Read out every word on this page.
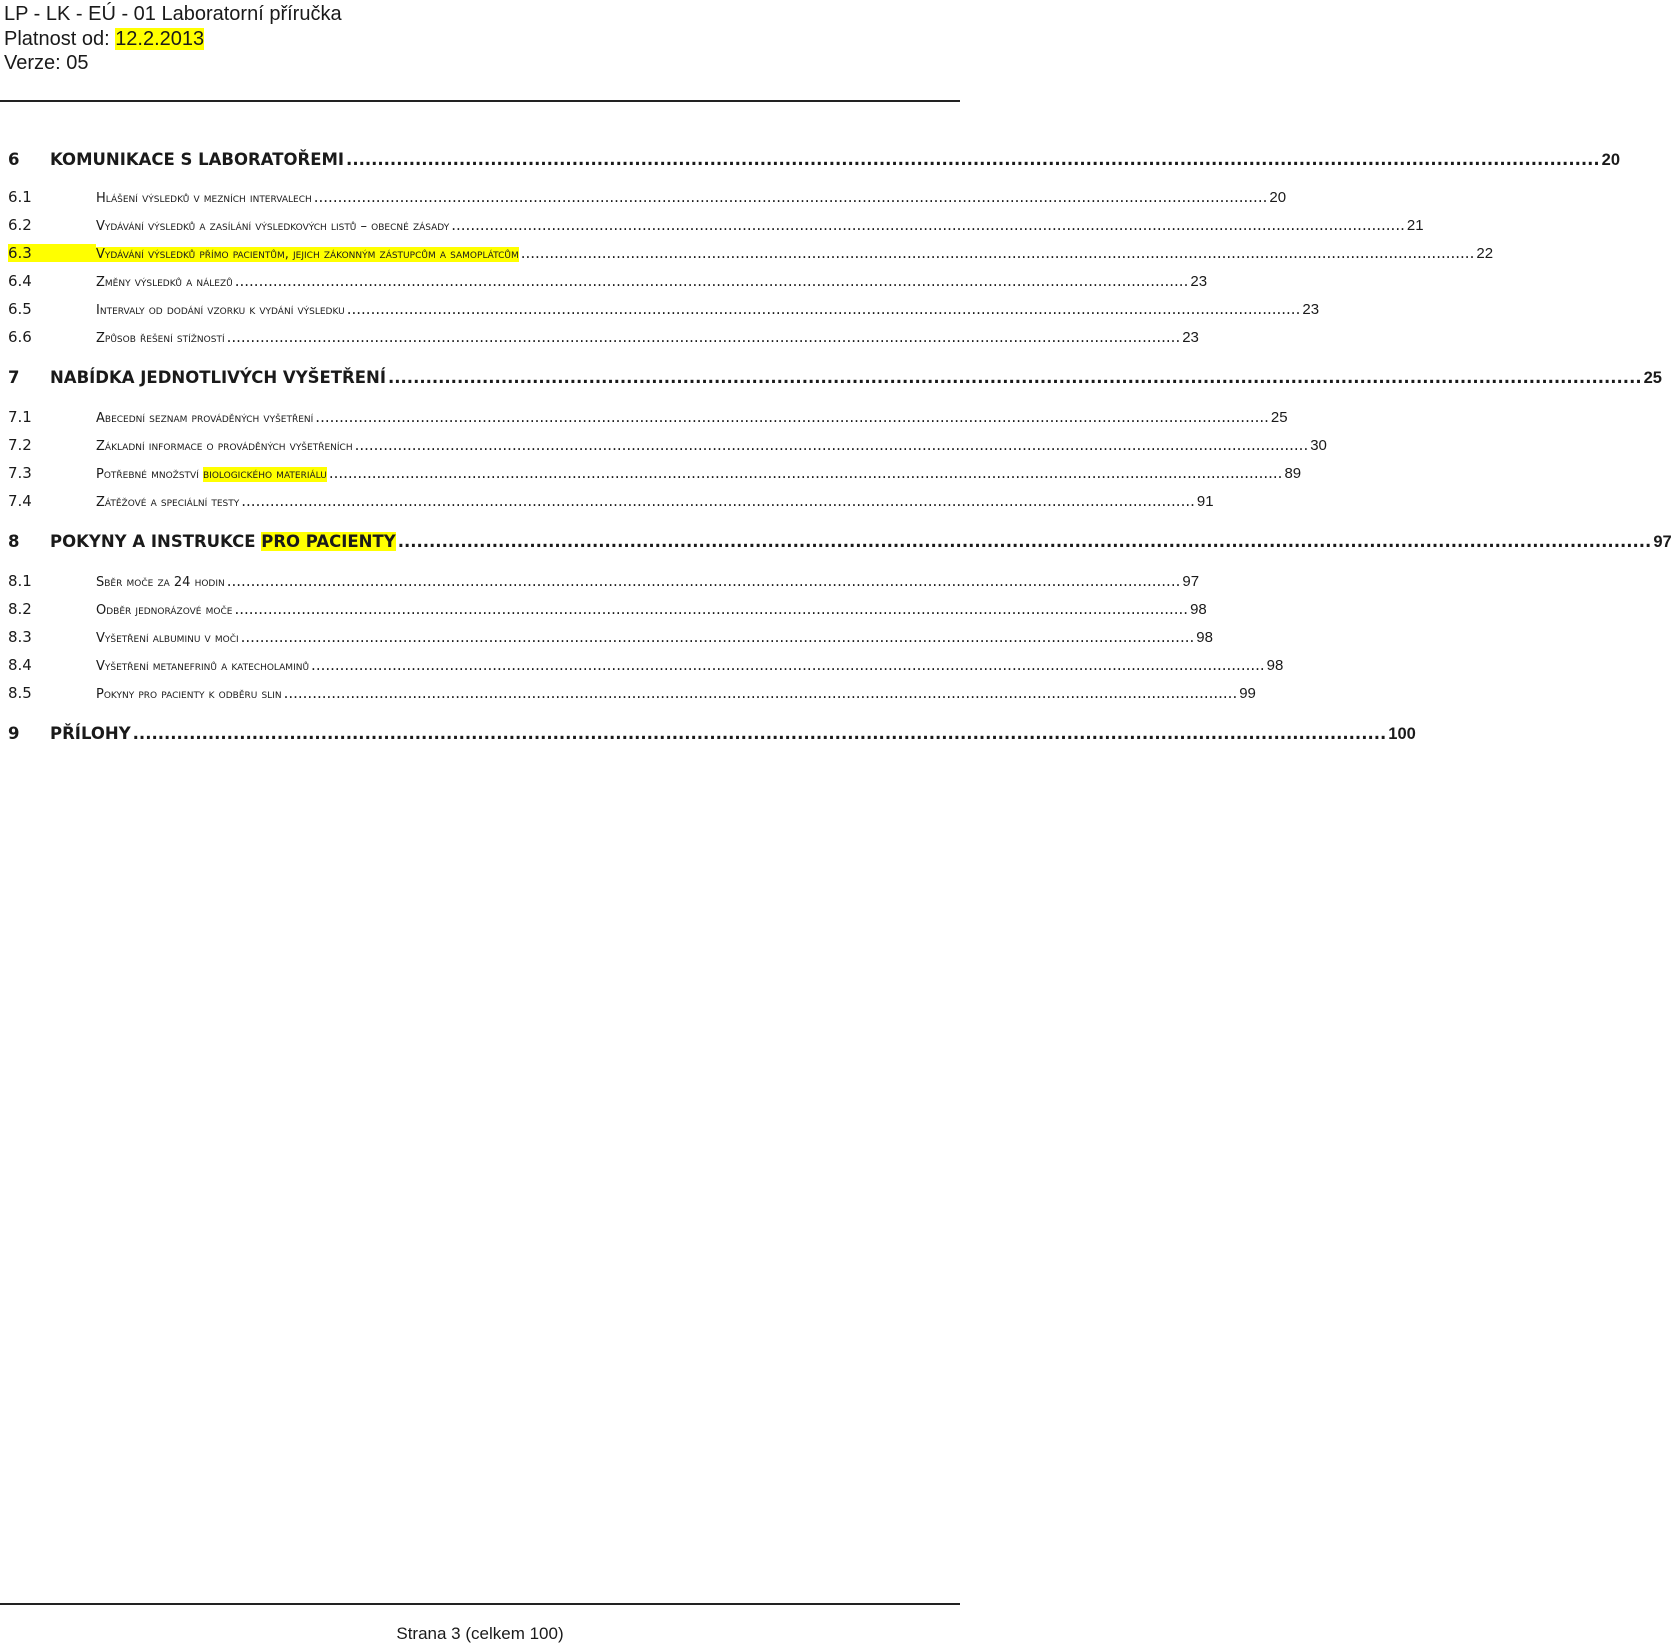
LP - LK - EÚ - 01 Laboratorní příručka
Platnost od: 12.2.2013
Verze: 05
6	KOMUNIKACE S LABORATOŘEMI ........................................................................................................................................................................................................ 20
6.1	Hlášení výsledků v mezních intervalech ........................................................................................................................................................................................................ 20
6.2	Vydávání výsledků a zasílání výsledkových listů – obecné zásady ........................................................................................................................................................................................................ 21
6.3	Vydávání výsledků přímo pacientům, jejich zákonným zástupcům a samoplátcům ........................................................................................................................................................................................................ 22
6.4	Změny výsledků a nálezů ........................................................................................................................................................................................................ 23
6.5	Intervaly od dodání vzorku k vydání výsledku ........................................................................................................................................................................................................ 23
6.6	Způsob řešení stížností ........................................................................................................................................................................................................ 23
7	NABÍDKA JEDNOTLIVÝCH VYŠETŘENÍ ........................................................................................................................................................................................................ 25
7.1	Abecední seznam prováděných vyšetření ........................................................................................................................................................................................................ 25
7.2	Základní informace o prováděných vyšetřeních ........................................................................................................................................................................................................ 30
7.3	Potřebné množství biologického materiálu ........................................................................................................................................................................................................ 89
7.4	Zátěžové a speciální testy ........................................................................................................................................................................................................ 91
8	POKYNY A INSTRUKCE PRO PACIENTY ........................................................................................................................................................................................................ 97
8.1	Sběr moče za 24 hodin ........................................................................................................................................................................................................ 97
8.2	Odběr jednorázové moče ........................................................................................................................................................................................................ 98
8.3	Vyšetření albuminu v moči ........................................................................................................................................................................................................ 98
8.4	Vyšetření metanefrinů a katecholaminů ........................................................................................................................................................................................................ 98
8.5	Pokyny pro pacienty k odběru slin ........................................................................................................................................................................................................ 99
9	PŘÍLOHY ........................................................................................................................................................................................................ 100
Strana 3 (celkem 100)
